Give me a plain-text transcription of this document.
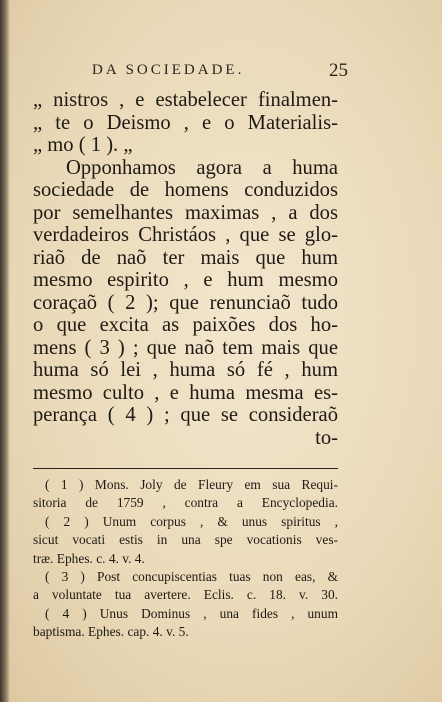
DA SOCIEDADE.	25
„ nistros , e estabelecer finalmen-
„ te o Deismo , e o Materialis-
„ mo ( 1 ). „
Opponhamos agora a huma
sociedade de homens conduzidos
por semelhantes maximas , a dos
verdadeiros Christáos , que se glo-
riaõ de naõ ter mais que hum
mesmo espirito , e hum mesmo
coraçaõ ( 2 ); que renunciaõ tudo
o que excita as paixões dos ho-
mens ( 3 ) ; que naõ tem mais que
huma só lei , huma só fé , hum
mesmo culto , e huma mesma es-
perança ( 4 ) ; que se consideraõ
to-
( 1 ) Mons. Joly de Fleury em sua Requi-
sitoria de 1759 , contra a Encyclopedia.
( 2 ) Unum corpus , & unus spiritus ,
sicut vocati estis in una spe vocationis ves-
træ. Ephes. c. 4. v. 4.
( 3 ) Post concupiscentias tuas non eas, &
a voluntate tua avertere. Eclis. c. 18. v. 30.
( 4 ) Unus Dominus , una fides , unum
baptisma. Ephes. cap. 4. v. 5.
